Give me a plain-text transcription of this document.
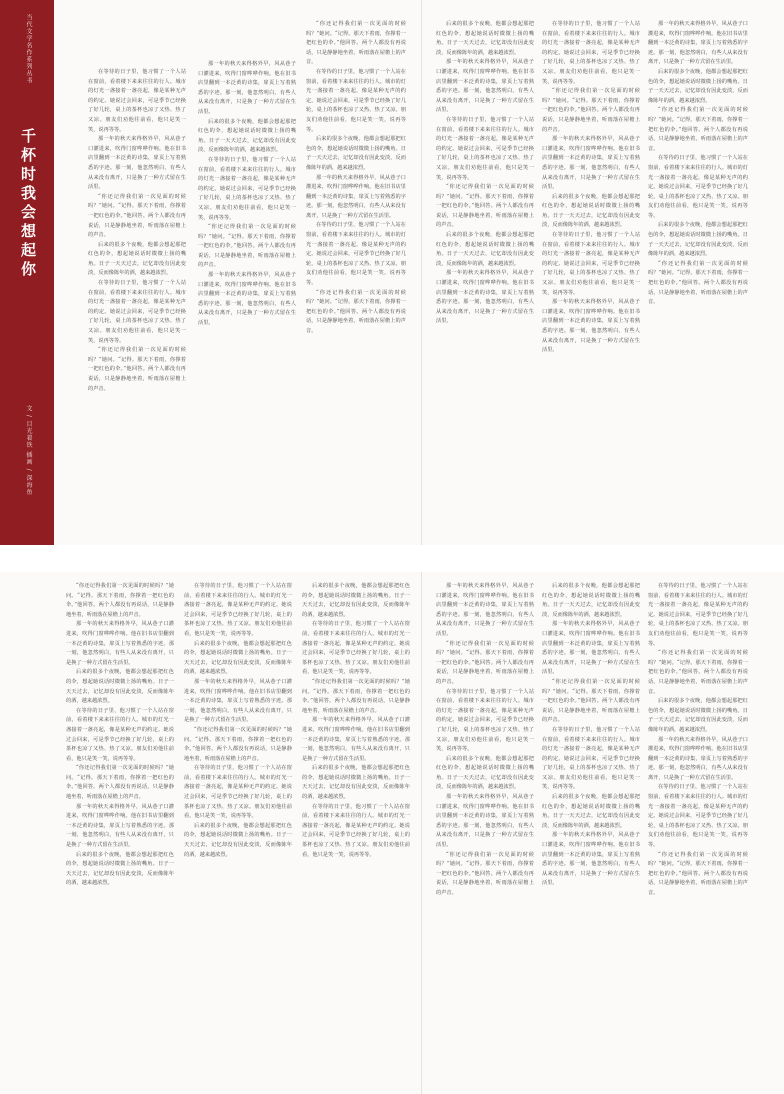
当代文学名作系列丛书
千杯时我会想起你
文 / 目光着铁 插画 / 深海鱼

在等待的日子里，他习惯了一个人站在窗前，看着楼下来来往往的行人。城市的灯光一盏接着一盏亮起，像是某种无声的约定。她说过会回来，可是季节已经换了好几轮，桌上的茶杯也凉了又热、热了又凉。朋友们劝他往前看，他只是笑一笑，说再等等。

那一年的秋天来得格外早，风从巷子口灌进来，吹得门窗哗哗作响。他在旧书店里翻到一本泛黄的诗集，扉页上写着熟悉的字迹。那一刻，他忽然明白，有些人从来没有离开，只是换了一种方式留在生活里。

“你还记得我们第一次见面的时候吗？”她问。“记得。那天下着雨，你撑着一把红色的伞。”他回答。两个人都没有再说话，只是静静地坐着，听雨落在屋檐上的声音。

后来的很多个夜晚，他都会想起那把红色的伞，想起她说话时微微上扬的嘴角。日子一天天过去，记忆却没有因此变淡，反而像陈年的酒，越来越浓烈。

在等待的日子里，他习惯了一个人站在窗前，看着楼下来来往往的行人。城市的灯光一盏接着一盏亮起，像是某种无声的约定。她说过会回来，可是季节已经换了好几轮，桌上的茶杯也凉了又热、热了又凉。朋友们劝他往前看，他只是笑一笑，说再等等。

“你还记得我们第一次见面的时候吗？”她问。“记得。那天下着雨，你撑着一把红色的伞。”他回答。两个人都没有再说话，只是静静地坐着，听雨落在屋檐上的声音。

那一年的秋天来得格外早，风从巷子口灌进来，吹得门窗哗哗作响。他在旧书店里翻到一本泛黄的诗集，扉页上写着熟悉的字迹。那一刻，他忽然明白，有些人从来没有离开，只是换了一种方式留在生活里。

后来的很多个夜晚，他都会想起那把红色的伞，想起她说话时微微上扬的嘴角。日子一天天过去，记忆却没有因此变淡，反而像陈年的酒，越来越浓烈。

在等待的日子里，他习惯了一个人站在窗前，看着楼下来来往往的行人。城市的灯光一盏接着一盏亮起，像是某种无声的约定。她说过会回来，可是季节已经换了好几轮，桌上的茶杯也凉了又热、热了又凉。朋友们劝他往前看，他只是笑一笑，说再等等。

“你还记得我们第一次见面的时候吗？”她问。“记得。那天下着雨，你撑着一把红色的伞。”他回答。两个人都没有再说话，只是静静地坐着，听雨落在屋檐上的声音。

那一年的秋天来得格外早，风从巷子口灌进来，吹得门窗哗哗作响。他在旧书店里翻到一本泛黄的诗集，扉页上写着熟悉的字迹。那一刻，他忽然明白，有些人从来没有离开，只是换了一种方式留在生活里。

“你还记得我们第一次见面的时候吗？”她问。“记得。那天下着雨，你撑着一把红色的伞。”他回答。两个人都没有再说话，只是静静地坐着，听雨落在屋檐上的声音。

在等待的日子里，他习惯了一个人站在窗前，看着楼下来来往往的行人。城市的灯光一盏接着一盏亮起，像是某种无声的约定。她说过会回来，可是季节已经换了好几轮，桌上的茶杯也凉了又热、热了又凉。朋友们劝他往前看，他只是笑一笑，说再等等。

后来的很多个夜晚，他都会想起那把红色的伞，想起她说话时微微上扬的嘴角。日子一天天过去，记忆却没有因此变淡，反而像陈年的酒，越来越浓烈。

那一年的秋天来得格外早，风从巷子口灌进来，吹得门窗哗哗作响。他在旧书店里翻到一本泛黄的诗集，扉页上写着熟悉的字迹。那一刻，他忽然明白，有些人从来没有离开，只是换了一种方式留在生活里。

在等待的日子里，他习惯了一个人站在窗前，看着楼下来来往往的行人。城市的灯光一盏接着一盏亮起，像是某种无声的约定。她说过会回来，可是季节已经换了好几轮，桌上的茶杯也凉了又热、热了又凉。朋友们劝他往前看，他只是笑一笑，说再等等。

“你还记得我们第一次见面的时候吗？”她问。“记得。那天下着雨，你撑着一把红色的伞。”他回答。两个人都没有再说话，只是静静地坐着，听雨落在屋檐上的声音。

后来的很多个夜晚，他都会想起那把红色的伞，想起她说话时微微上扬的嘴角。日子一天天过去，记忆却没有因此变淡，反而像陈年的酒，越来越浓烈。

那一年的秋天来得格外早，风从巷子口灌进来，吹得门窗哗哗作响。他在旧书店里翻到一本泛黄的诗集，扉页上写着熟悉的字迹。那一刻，他忽然明白，有些人从来没有离开，只是换了一种方式留在生活里。

在等待的日子里，他习惯了一个人站在窗前，看着楼下来来往往的行人。城市的灯光一盏接着一盏亮起，像是某种无声的约定。她说过会回来，可是季节已经换了好几轮，桌上的茶杯也凉了又热、热了又凉。朋友们劝他往前看，他只是笑一笑，说再等等。

“你还记得我们第一次见面的时候吗？”她问。“记得。那天下着雨，你撑着一把红色的伞。”他回答。两个人都没有再说话，只是静静地坐着，听雨落在屋檐上的声音。

后来的很多个夜晚，他都会想起那把红色的伞，想起她说话时微微上扬的嘴角。日子一天天过去，记忆却没有因此变淡，反而像陈年的酒，越来越浓烈。

那一年的秋天来得格外早，风从巷子口灌进来，吹得门窗哗哗作响。他在旧书店里翻到一本泛黄的诗集，扉页上写着熟悉的字迹。那一刻，他忽然明白，有些人从来没有离开，只是换了一种方式留在生活里。

在等待的日子里，他习惯了一个人站在窗前，看着楼下来来往往的行人。城市的灯光一盏接着一盏亮起，像是某种无声的约定。她说过会回来，可是季节已经换了好几轮，桌上的茶杯也凉了又热、热了又凉。朋友们劝他往前看，他只是笑一笑，说再等等。

“你还记得我们第一次见面的时候吗？”她问。“记得。那天下着雨，你撑着一把红色的伞。”他回答。两个人都没有再说话，只是静静地坐着，听雨落在屋檐上的声音。

那一年的秋天来得格外早，风从巷子口灌进来，吹得门窗哗哗作响。他在旧书店里翻到一本泛黄的诗集，扉页上写着熟悉的字迹。那一刻，他忽然明白，有些人从来没有离开，只是换了一种方式留在生活里。

后来的很多个夜晚，他都会想起那把红色的伞，想起她说话时微微上扬的嘴角。日子一天天过去，记忆却没有因此变淡，反而像陈年的酒，越来越浓烈。

在等待的日子里，他习惯了一个人站在窗前，看着楼下来来往往的行人。城市的灯光一盏接着一盏亮起，像是某种无声的约定。她说过会回来，可是季节已经换了好几轮，桌上的茶杯也凉了又热、热了又凉。朋友们劝他往前看，他只是笑一笑，说再等等。

那一年的秋天来得格外早，风从巷子口灌进来，吹得门窗哗哗作响。他在旧书店里翻到一本泛黄的诗集，扉页上写着熟悉的字迹。那一刻，他忽然明白，有些人从来没有离开，只是换了一种方式留在生活里。

那一年的秋天来得格外早，风从巷子口灌进来，吹得门窗哗哗作响。他在旧书店里翻到一本泛黄的诗集，扉页上写着熟悉的字迹。那一刻，他忽然明白，有些人从来没有离开，只是换了一种方式留在生活里。

后来的很多个夜晚，他都会想起那把红色的伞，想起她说话时微微上扬的嘴角。日子一天天过去，记忆却没有因此变淡，反而像陈年的酒，越来越浓烈。

“你还记得我们第一次见面的时候吗？”她问。“记得。那天下着雨，你撑着一把红色的伞。”他回答。两个人都没有再说话，只是静静地坐着，听雨落在屋檐上的声音。

在等待的日子里，他习惯了一个人站在窗前，看着楼下来来往往的行人。城市的灯光一盏接着一盏亮起，像是某种无声的约定。她说过会回来，可是季节已经换了好几轮，桌上的茶杯也凉了又热、热了又凉。朋友们劝他往前看，他只是笑一笑，说再等等。

后来的很多个夜晚，他都会想起那把红色的伞，想起她说话时微微上扬的嘴角。日子一天天过去，记忆却没有因此变淡，反而像陈年的酒，越来越浓烈。

“你还记得我们第一次见面的时候吗？”她问。“记得。那天下着雨，你撑着一把红色的伞。”他回答。两个人都没有再说话，只是静静地坐着，听雨落在屋檐上的声音。

“你还记得我们第一次见面的时候吗？”她问。“记得。那天下着雨，你撑着一把红色的伞。”他回答。两个人都没有再说话，只是静静地坐着，听雨落在屋檐上的声音。

那一年的秋天来得格外早，风从巷子口灌进来，吹得门窗哗哗作响。他在旧书店里翻到一本泛黄的诗集，扉页上写着熟悉的字迹。那一刻，他忽然明白，有些人从来没有离开，只是换了一种方式留在生活里。

后来的很多个夜晚，他都会想起那把红色的伞，想起她说话时微微上扬的嘴角。日子一天天过去，记忆却没有因此变淡，反而像陈年的酒，越来越浓烈。

在等待的日子里，他习惯了一个人站在窗前，看着楼下来来往往的行人。城市的灯光一盏接着一盏亮起，像是某种无声的约定。她说过会回来，可是季节已经换了好几轮，桌上的茶杯也凉了又热、热了又凉。朋友们劝他往前看，他只是笑一笑，说再等等。

“你还记得我们第一次见面的时候吗？”她问。“记得。那天下着雨，你撑着一把红色的伞。”他回答。两个人都没有再说话，只是静静地坐着，听雨落在屋檐上的声音。

那一年的秋天来得格外早，风从巷子口灌进来，吹得门窗哗哗作响。他在旧书店里翻到一本泛黄的诗集，扉页上写着熟悉的字迹。那一刻，他忽然明白，有些人从来没有离开，只是换了一种方式留在生活里。

后来的很多个夜晚，他都会想起那把红色的伞，想起她说话时微微上扬的嘴角。日子一天天过去，记忆却没有因此变淡，反而像陈年的酒，越来越浓烈。

在等待的日子里，他习惯了一个人站在窗前，看着楼下来来往往的行人。城市的灯光一盏接着一盏亮起，像是某种无声的约定。她说过会回来，可是季节已经换了好几轮，桌上的茶杯也凉了又热、热了又凉。朋友们劝他往前看，他只是笑一笑，说再等等。

后来的很多个夜晚，他都会想起那把红色的伞，想起她说话时微微上扬的嘴角。日子一天天过去，记忆却没有因此变淡，反而像陈年的酒，越来越浓烈。

那一年的秋天来得格外早，风从巷子口灌进来，吹得门窗哗哗作响。他在旧书店里翻到一本泛黄的诗集，扉页上写着熟悉的字迹。那一刻，他忽然明白，有些人从来没有离开，只是换了一种方式留在生活里。

“你还记得我们第一次见面的时候吗？”她问。“记得。那天下着雨，你撑着一把红色的伞。”他回答。两个人都没有再说话，只是静静地坐着，听雨落在屋檐上的声音。

在等待的日子里，他习惯了一个人站在窗前，看着楼下来来往往的行人。城市的灯光一盏接着一盏亮起，像是某种无声的约定。她说过会回来，可是季节已经换了好几轮，桌上的茶杯也凉了又热、热了又凉。朋友们劝他往前看，他只是笑一笑，说再等等。

后来的很多个夜晚，他都会想起那把红色的伞，想起她说话时微微上扬的嘴角。日子一天天过去，记忆却没有因此变淡，反而像陈年的酒，越来越浓烈。

后来的很多个夜晚，他都会想起那把红色的伞，想起她说话时微微上扬的嘴角。日子一天天过去，记忆却没有因此变淡，反而像陈年的酒，越来越浓烈。

在等待的日子里，他习惯了一个人站在窗前，看着楼下来来往往的行人。城市的灯光一盏接着一盏亮起，像是某种无声的约定。她说过会回来，可是季节已经换了好几轮，桌上的茶杯也凉了又热、热了又凉。朋友们劝他往前看，他只是笑一笑，说再等等。

“你还记得我们第一次见面的时候吗？”她问。“记得。那天下着雨，你撑着一把红色的伞。”他回答。两个人都没有再说话，只是静静地坐着，听雨落在屋檐上的声音。

那一年的秋天来得格外早，风从巷子口灌进来，吹得门窗哗哗作响。他在旧书店里翻到一本泛黄的诗集，扉页上写着熟悉的字迹。那一刻，他忽然明白，有些人从来没有离开，只是换了一种方式留在生活里。

后来的很多个夜晚，他都会想起那把红色的伞，想起她说话时微微上扬的嘴角。日子一天天过去，记忆却没有因此变淡，反而像陈年的酒，越来越浓烈。

在等待的日子里，他习惯了一个人站在窗前，看着楼下来来往往的行人。城市的灯光一盏接着一盏亮起，像是某种无声的约定。她说过会回来，可是季节已经换了好几轮，桌上的茶杯也凉了又热、热了又凉。朋友们劝他往前看，他只是笑一笑，说再等等。

那一年的秋天来得格外早，风从巷子口灌进来，吹得门窗哗哗作响。他在旧书店里翻到一本泛黄的诗集，扉页上写着熟悉的字迹。那一刻，他忽然明白，有些人从来没有离开，只是换了一种方式留在生活里。

“你还记得我们第一次见面的时候吗？”她问。“记得。那天下着雨，你撑着一把红色的伞。”他回答。两个人都没有再说话，只是静静地坐着，听雨落在屋檐上的声音。

在等待的日子里，他习惯了一个人站在窗前，看着楼下来来往往的行人。城市的灯光一盏接着一盏亮起，像是某种无声的约定。她说过会回来，可是季节已经换了好几轮，桌上的茶杯也凉了又热、热了又凉。朋友们劝他往前看，他只是笑一笑，说再等等。

后来的很多个夜晚，他都会想起那把红色的伞，想起她说话时微微上扬的嘴角。日子一天天过去，记忆却没有因此变淡，反而像陈年的酒，越来越浓烈。

那一年的秋天来得格外早，风从巷子口灌进来，吹得门窗哗哗作响。他在旧书店里翻到一本泛黄的诗集，扉页上写着熟悉的字迹。那一刻，他忽然明白，有些人从来没有离开，只是换了一种方式留在生活里。

“你还记得我们第一次见面的时候吗？”她问。“记得。那天下着雨，你撑着一把红色的伞。”他回答。两个人都没有再说话，只是静静地坐着，听雨落在屋檐上的声音。

后来的很多个夜晚，他都会想起那把红色的伞，想起她说话时微微上扬的嘴角。日子一天天过去，记忆却没有因此变淡，反而像陈年的酒，越来越浓烈。

那一年的秋天来得格外早，风从巷子口灌进来，吹得门窗哗哗作响。他在旧书店里翻到一本泛黄的诗集，扉页上写着熟悉的字迹。那一刻，他忽然明白，有些人从来没有离开，只是换了一种方式留在生活里。

“你还记得我们第一次见面的时候吗？”她问。“记得。那天下着雨，你撑着一把红色的伞。”他回答。两个人都没有再说话，只是静静地坐着，听雨落在屋檐上的声音。

在等待的日子里，他习惯了一个人站在窗前，看着楼下来来往往的行人。城市的灯光一盏接着一盏亮起，像是某种无声的约定。她说过会回来，可是季节已经换了好几轮，桌上的茶杯也凉了又热、热了又凉。朋友们劝他往前看，他只是笑一笑，说再等等。

后来的很多个夜晚，他都会想起那把红色的伞，想起她说话时微微上扬的嘴角。日子一天天过去，记忆却没有因此变淡，反而像陈年的酒，越来越浓烈。

那一年的秋天来得格外早，风从巷子口灌进来，吹得门窗哗哗作响。他在旧书店里翻到一本泛黄的诗集，扉页上写着熟悉的字迹。那一刻，他忽然明白，有些人从来没有离开，只是换了一种方式留在生活里。

在等待的日子里，他习惯了一个人站在窗前，看着楼下来来往往的行人。城市的灯光一盏接着一盏亮起，像是某种无声的约定。她说过会回来，可是季节已经换了好几轮，桌上的茶杯也凉了又热、热了又凉。朋友们劝他往前看，他只是笑一笑，说再等等。

“你还记得我们第一次见面的时候吗？”她问。“记得。那天下着雨，你撑着一把红色的伞。”他回答。两个人都没有再说话，只是静静地坐着，听雨落在屋檐上的声音。

后来的很多个夜晚，他都会想起那把红色的伞，想起她说话时微微上扬的嘴角。日子一天天过去，记忆却没有因此变淡，反而像陈年的酒，越来越浓烈。

那一年的秋天来得格外早，风从巷子口灌进来，吹得门窗哗哗作响。他在旧书店里翻到一本泛黄的诗集，扉页上写着熟悉的字迹。那一刻，他忽然明白，有些人从来没有离开，只是换了一种方式留在生活里。

在等待的日子里，他习惯了一个人站在窗前，看着楼下来来往往的行人。城市的灯光一盏接着一盏亮起，像是某种无声的约定。她说过会回来，可是季节已经换了好几轮，桌上的茶杯也凉了又热、热了又凉。朋友们劝他往前看，他只是笑一笑，说再等等。

“你还记得我们第一次见面的时候吗？”她问。“记得。那天下着雨，你撑着一把红色的伞。”他回答。两个人都没有再说话，只是静静地坐着，听雨落在屋檐上的声音。
